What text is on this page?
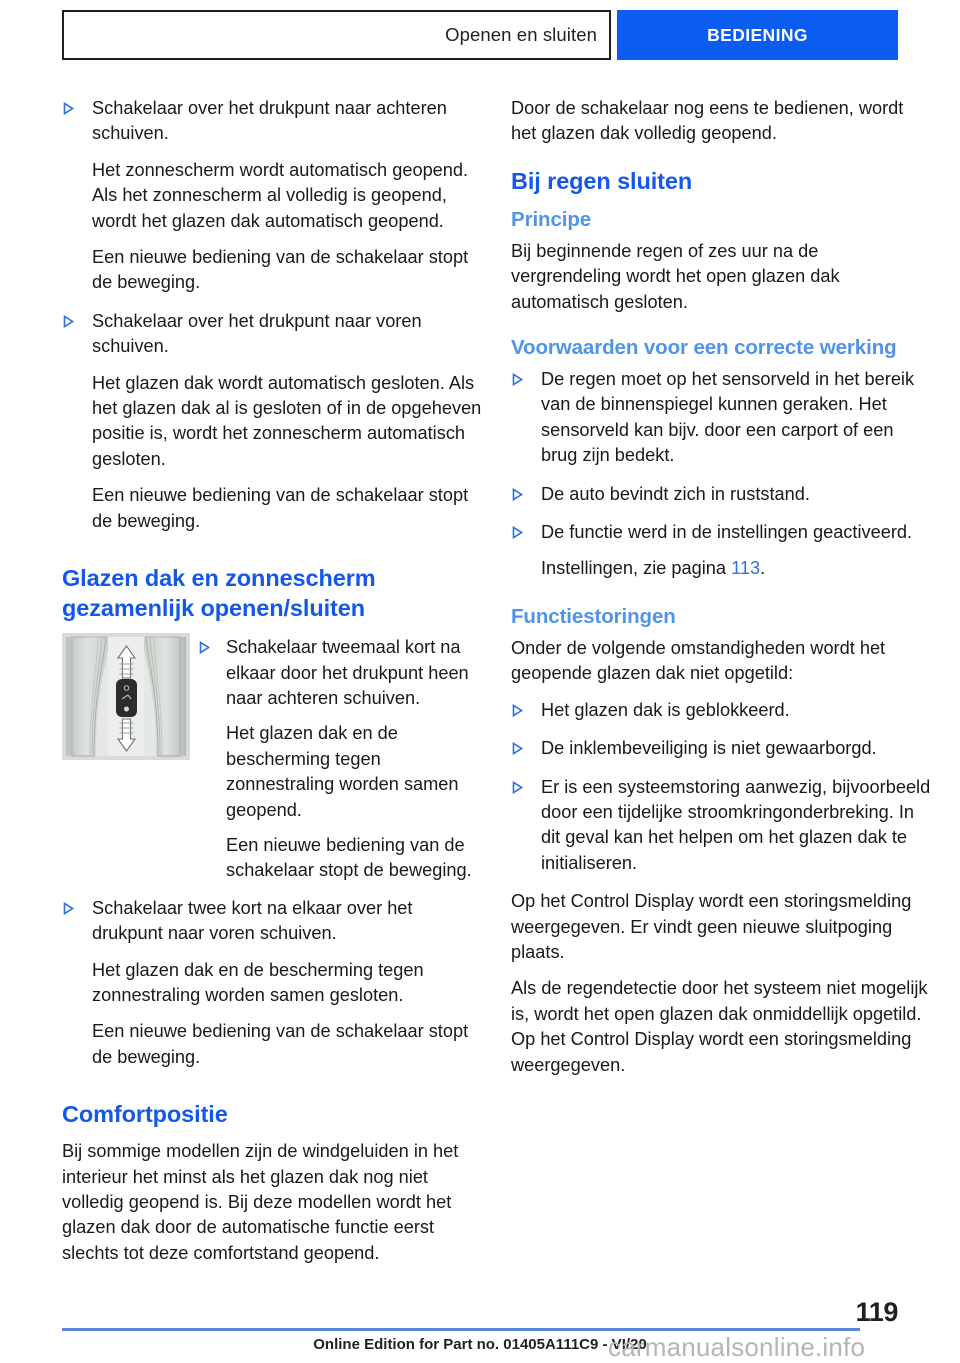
Openen en sluiten	BEDIENING

Schakelaar over het drukpunt naar achteren schuiven.

Het zonnescherm wordt automatisch geopend. Als het zonnescherm al volledig is geopend, wordt het glazen dak automatisch geopend.

Een nieuwe bediening van de schakelaar stopt de beweging.

Schakelaar over het drukpunt naar voren schuiven.

Het glazen dak wordt automatisch gesloten. Als het glazen dak al is gesloten of in de opgeheven positie is, wordt het zonnescherm automatisch gesloten.

Een nieuwe bediening van de schakelaar stopt de beweging.

Glazen dak en zonnescherm gezamenlijk openen/sluiten

Schakelaar tweemaal kort na elkaar door het drukpunt heen naar achteren schuiven.

Het glazen dak en de bescherming tegen zonnestraling worden samen geopend.

Een nieuwe bediening van de schakelaar stopt de beweging.

Schakelaar twee kort na elkaar over het drukpunt naar voren schuiven.

Het glazen dak en de bescherming tegen zonnestraling worden samen gesloten.

Een nieuwe bediening van de schakelaar stopt de beweging.

Comfortpositie

Bij sommige modellen zijn de windgeluiden in het interieur het minst als het glazen dak nog niet volledig geopend is. Bij deze modellen wordt het glazen dak door de automatische functie eerst slechts tot deze comfortstand geopend.

Door de schakelaar nog eens te bedienen, wordt het glazen dak volledig geopend.

Bij regen sluiten
Principe

Bij beginnende regen of zes uur na de vergrendeling wordt het open glazen dak automatisch gesloten.

Voorwaarden voor een correcte werking

De regen moet op het sensorveld in het bereik van de binnenspiegel kunnen geraken. Het sensorveld kan bijv. door een carport of een brug zijn bedekt.

De auto bevindt zich in ruststand.

De functie werd in de instellingen geactiveerd.

Instellingen, zie pagina 113.

Functiestoringen

Onder de volgende omstandigheden wordt het geopende glazen dak niet opgetild:

Het glazen dak is geblokkeerd.

De inklembeveiliging is niet gewaarborgd.

Er is een systeemstoring aanwezig, bijvoorbeeld door een tijdelijke stroomkringonderbreking. In dit geval kan het helpen om het glazen dak te initialiseren.

Op het Control Display wordt een storingsmelding weergegeven. Er vindt geen nieuwe sluitpoging plaats.

Als de regendetectie door het systeem niet mogelijk is, wordt het open glazen dak onmiddellijk opgetild. Op het Control Display wordt een storingsmelding weergegeven.

119
Online Edition for Part no. 01405A111C9 - VI/20
carmanualsonline.info
